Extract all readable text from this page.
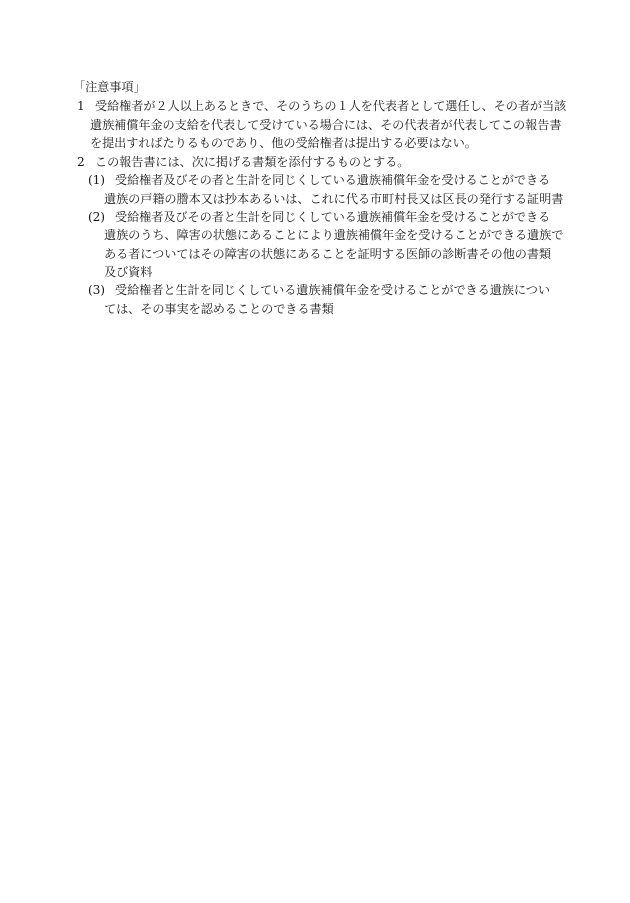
「注意事項」
1 受給権者が２人以上あるときで、そのうちの１人を代表者として選任し、その者が当該
遺族補償年金の支給を代表して受けている場合には、その代表者が代表してこの報告書
を提出すればたりるものであり、他の受給権者は提出する必要はない。
2 この報告書には、次に掲げる書類を添付するものとする。
(1) 受給権者及びその者と生計を同じくしている遺族補償年金を受けることができる
遺族の戸籍の謄本又は抄本あるいは、これに代る市町村長又は区長の発行する証明書
(2) 受給権者及びその者と生計を同じくしている遺族補償年金を受けることができる
遺族のうち、障害の状態にあることにより遺族補償年金を受けることができる遺族で
ある者についてはその障害の状態にあることを証明する医師の診断書その他の書類
及び資料
(3) 受給権者と生計を同じくしている遺族補償年金を受けることができる遺族につい
ては、その事実を認めることのできる書類
